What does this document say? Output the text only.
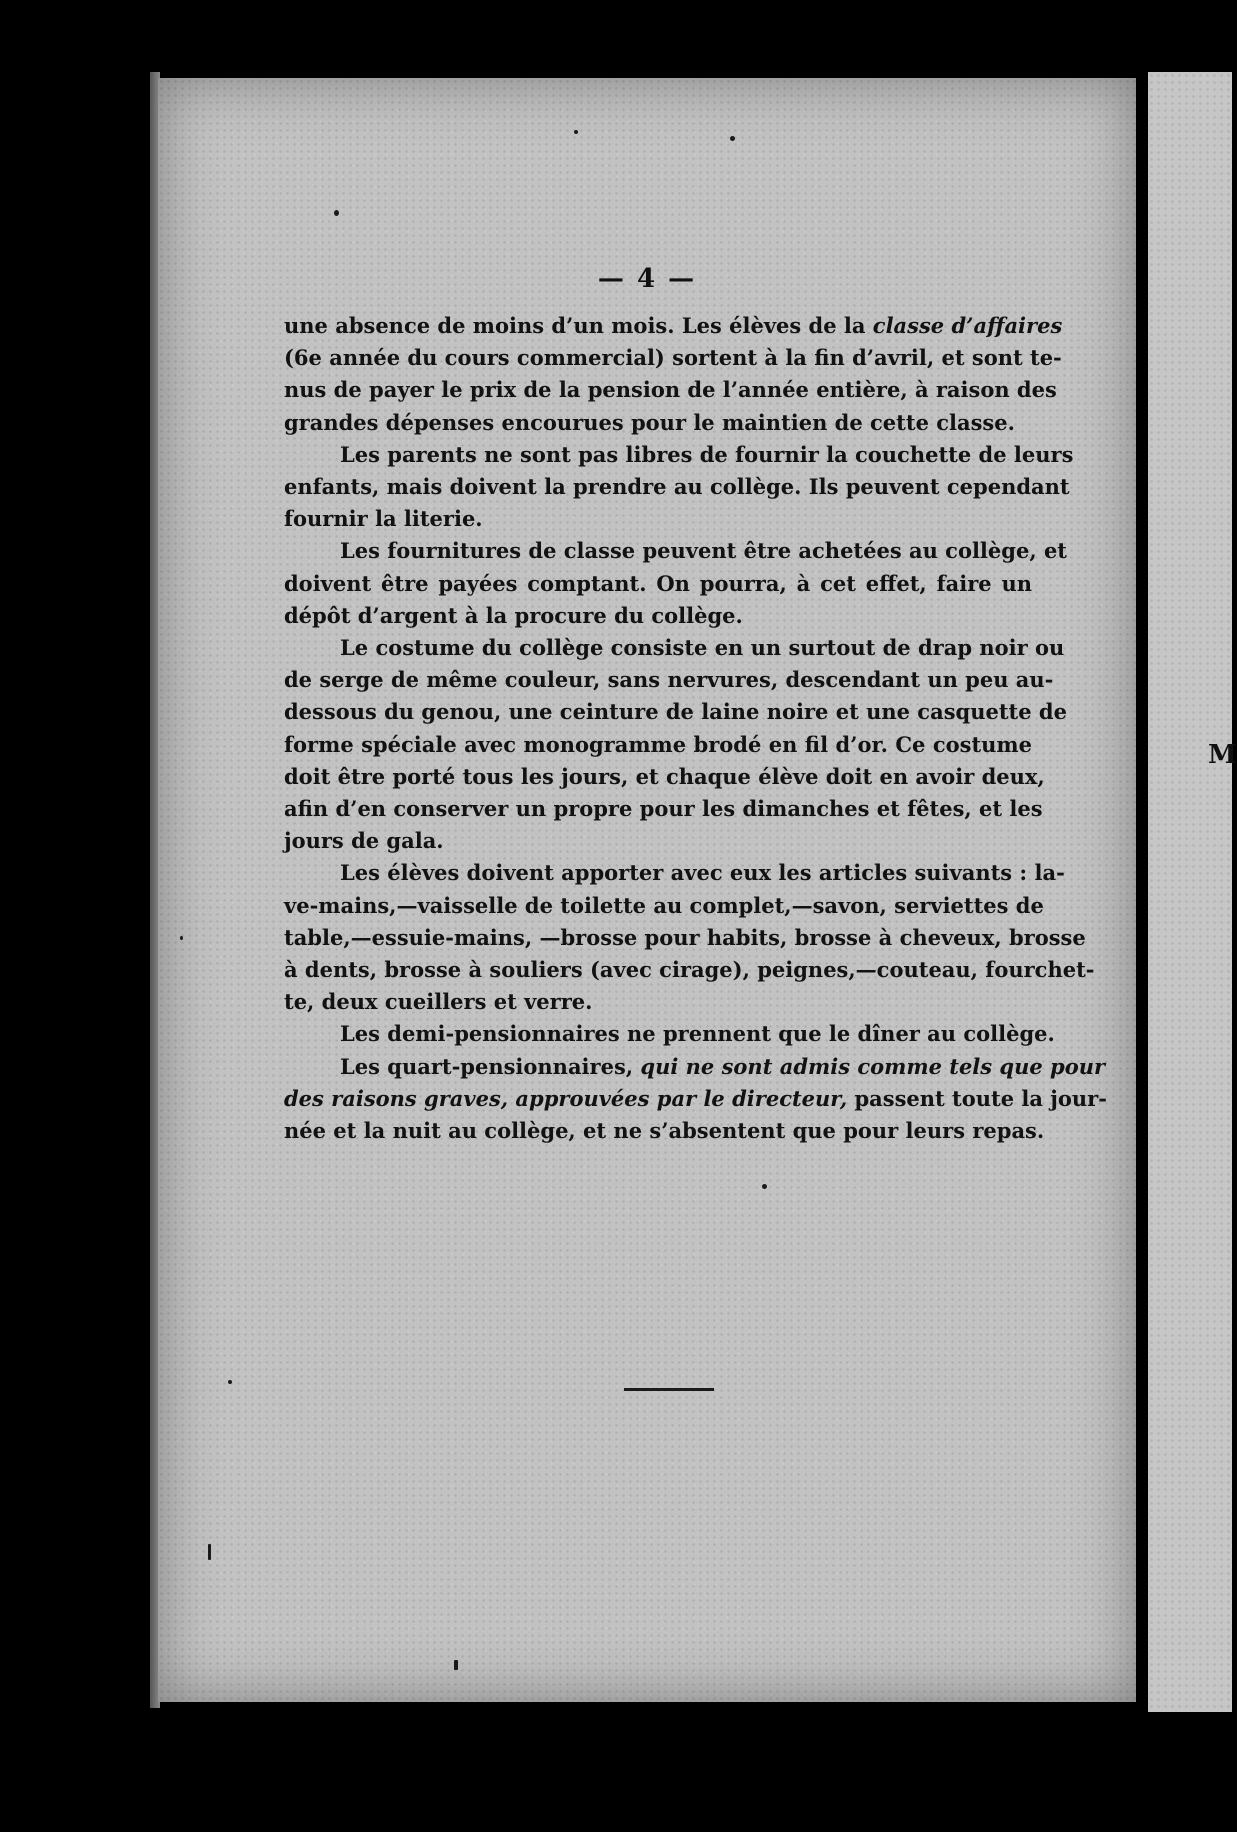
— 4 —
une absence de moins d’un mois. Les élèves de la classe d’affaires
(6e année du cours commercial) sortent à la fin d’avril, et sont te-
nus de payer le prix de la pension de l’année entière, à raison des
grandes dépenses encourues pour le maintien de cette classe.
Les parents ne sont pas libres de fournir la couchette de leurs
enfants, mais doivent la prendre au collège. Ils peuvent cependant
fournir la literie.
Les fournitures de classe peuvent être achetées au collège, et
doivent être payées comptant. On pourra, à cet effet, faire un
dépôt d’argent à la procure du collège.
Le costume du collège consiste en un surtout de drap noir ou
de serge de même couleur, sans nervures, descendant un peu au-
dessous du genou, une ceinture de laine noire et une casquette de
forme spéciale avec monogramme brodé en fil d’or. Ce costume
doit être porté tous les jours, et chaque élève doit en avoir deux,
afin d’en conserver un propre pour les dimanches et fêtes, et les
jours de gala.
Les élèves doivent apporter avec eux les articles suivants : la-
ve-mains,—vaisselle de toilette au complet,—savon, serviettes de
table,—essuie-mains, —brosse pour habits, brosse à cheveux, brosse
à dents, brosse à souliers (avec cirage), peignes,—couteau, fourchet-
te, deux cueillers et verre.
Les demi-pensionnaires ne prennent que le dîner au collège.
Les quart-pensionnaires, qui ne sont admis comme tels que pour
des raisons graves, approuvées par le directeur, passent toute la jour-
née et la nuit au collège, et ne s’absentent que pour leurs repas.
M
